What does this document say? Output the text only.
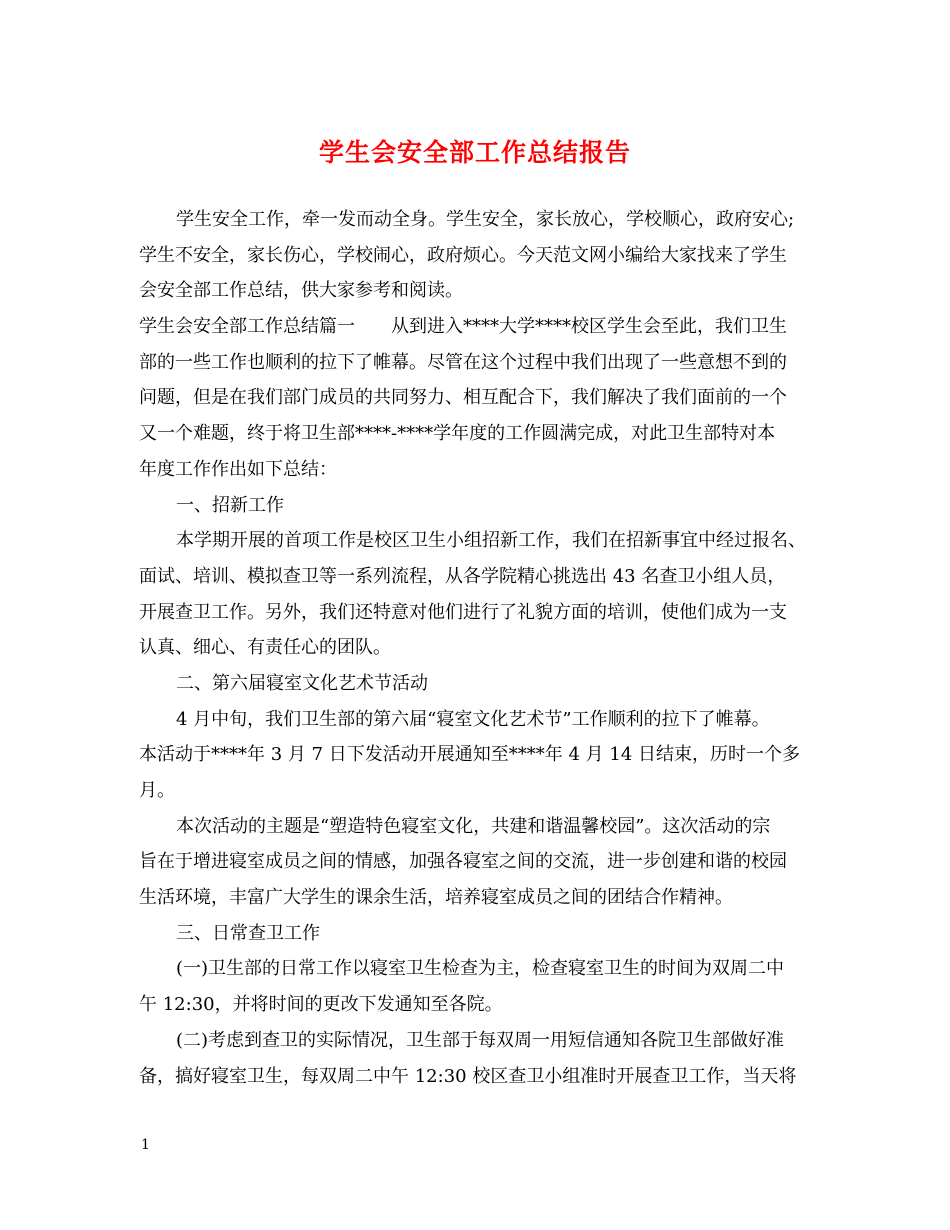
学生会安全部工作总结报告
学生安全工作，牵一发而动全身。学生安全，家长放心，学校顺心，政府安心;
学生不安全，家长伤心，学校闹心，政府烦心。今天范文网小编给大家找来了学生
会安全部工作总结，供大家参考和阅读。
学生会安全部工作总结篇一　　从到进入****大学****校区学生会至此，我们卫生
部的一些工作也顺利的拉下了帷幕。尽管在这个过程中我们出现了一些意想不到的
问题，但是在我们部门成员的共同努力、相互配合下，我们解决了我们面前的一个
又一个难题，终于将卫生部****-****学年度的工作圆满完成，对此卫生部特对本
年度工作作出如下总结：
一、招新工作
本学期开展的首项工作是校区卫生小组招新工作，我们在招新事宜中经过报名、
面试、培训、模拟查卫等一系列流程，从各学院精心挑选出 43 名查卫小组人员，
开展查卫工作。另外，我们还特意对他们进行了礼貌方面的培训，使他们成为一支
认真、细心、有责任心的团队。
二、第六届寝室文化艺术节活动
4 月中旬，我们卫生部的第六届“寝室文化艺术节”工作顺利的拉下了帷幕。
本活动于****年 3 月 7 日下发活动开展通知至****年 4 月 14 日结束，历时一个多
月。
本次活动的主题是“塑造特色寝室文化，共建和谐温馨校园”。这次活动的宗
旨在于增进寝室成员之间的情感，加强各寝室之间的交流，进一步创建和谐的校园
生活环境，丰富广大学生的课余生活，培养寝室成员之间的团结合作精神。
三、日常查卫工作
(一)卫生部的日常工作以寝室卫生检查为主，检查寝室卫生的时间为双周二中
午 12:30，并将时间的更改下发通知至各院。
(二)考虑到查卫的实际情况，卫生部于每双周一用短信通知各院卫生部做好准
备，搞好寝室卫生，每双周二中午 12:30 校区查卫小组准时开展查卫工作，当天将
1
